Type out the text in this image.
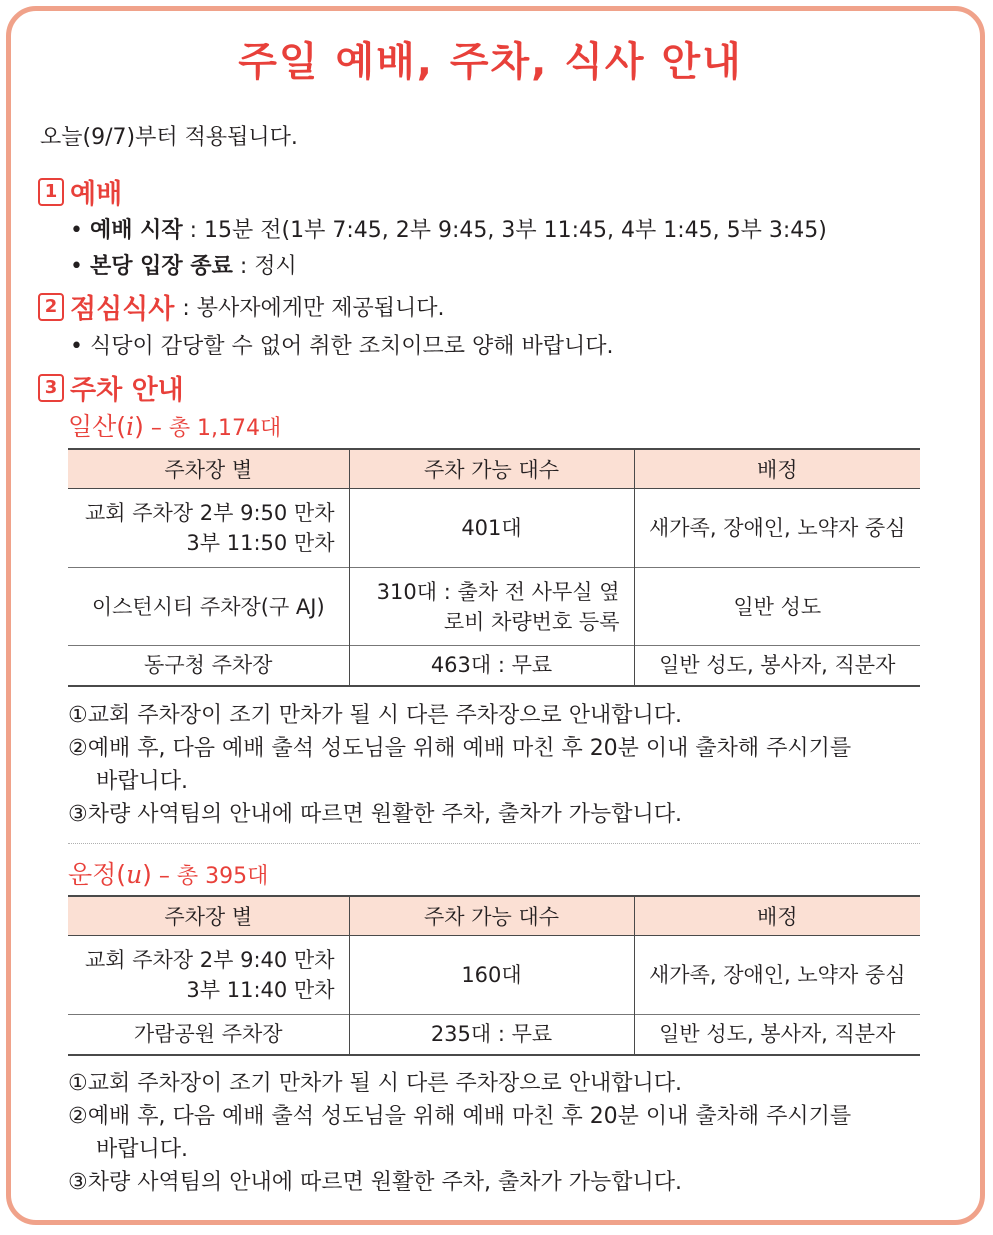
주일 예배, 주차, 식사 안내
오늘(9/7)부터 적용됩니다.
1 예배
• 예배 시작 : 15분 전(1부 7:45, 2부 9:45, 3부 11:45, 4부 1:45, 5부 3:45)
• 본당 입장 종료 : 정시
2 점심식사 : 봉사자에게만 제공됩니다.
• 식당이 감당할 수 없어 취한 조치이므로 양해 바랍니다.
3 주차 안내
일산(i) – 총 1,174대
주차장 별	주차 가능 대수	배정

교회 주차장 2부 9:50 만차
3부 11:50 만차	401대	새가족, 장애인, 노약자 중심
이스턴시티 주차장(구 AJ)	310대 : 출차 전 사무실 옆
로비 차량번호 등록	일반 성도
동구청 주차장	463대 : 무료	일반 성도, 봉사자, 직분자
①교회 주차장이 조기 만차가 될 시 다른 주차장으로 안내합니다.
②예배 후, 다음 예배 출석 성도님을 위해 예배 마친 후 20분 이내 출차해 주시기를
바랍니다.
③차량 사역팀의 안내에 따르면 원활한 주차, 출차가 가능합니다.
운정(u) – 총 395대
주차장 별	주차 가능 대수	배정

교회 주차장 2부 9:40 만차
3부 11:40 만차	160대	새가족, 장애인, 노약자 중심
가람공원 주차장	235대 : 무료	일반 성도, 봉사자, 직분자
①교회 주차장이 조기 만차가 될 시 다른 주차장으로 안내합니다.
②예배 후, 다음 예배 출석 성도님을 위해 예배 마친 후 20분 이내 출차해 주시기를
바랍니다.
③차량 사역팀의 안내에 따르면 원활한 주차, 출차가 가능합니다.
